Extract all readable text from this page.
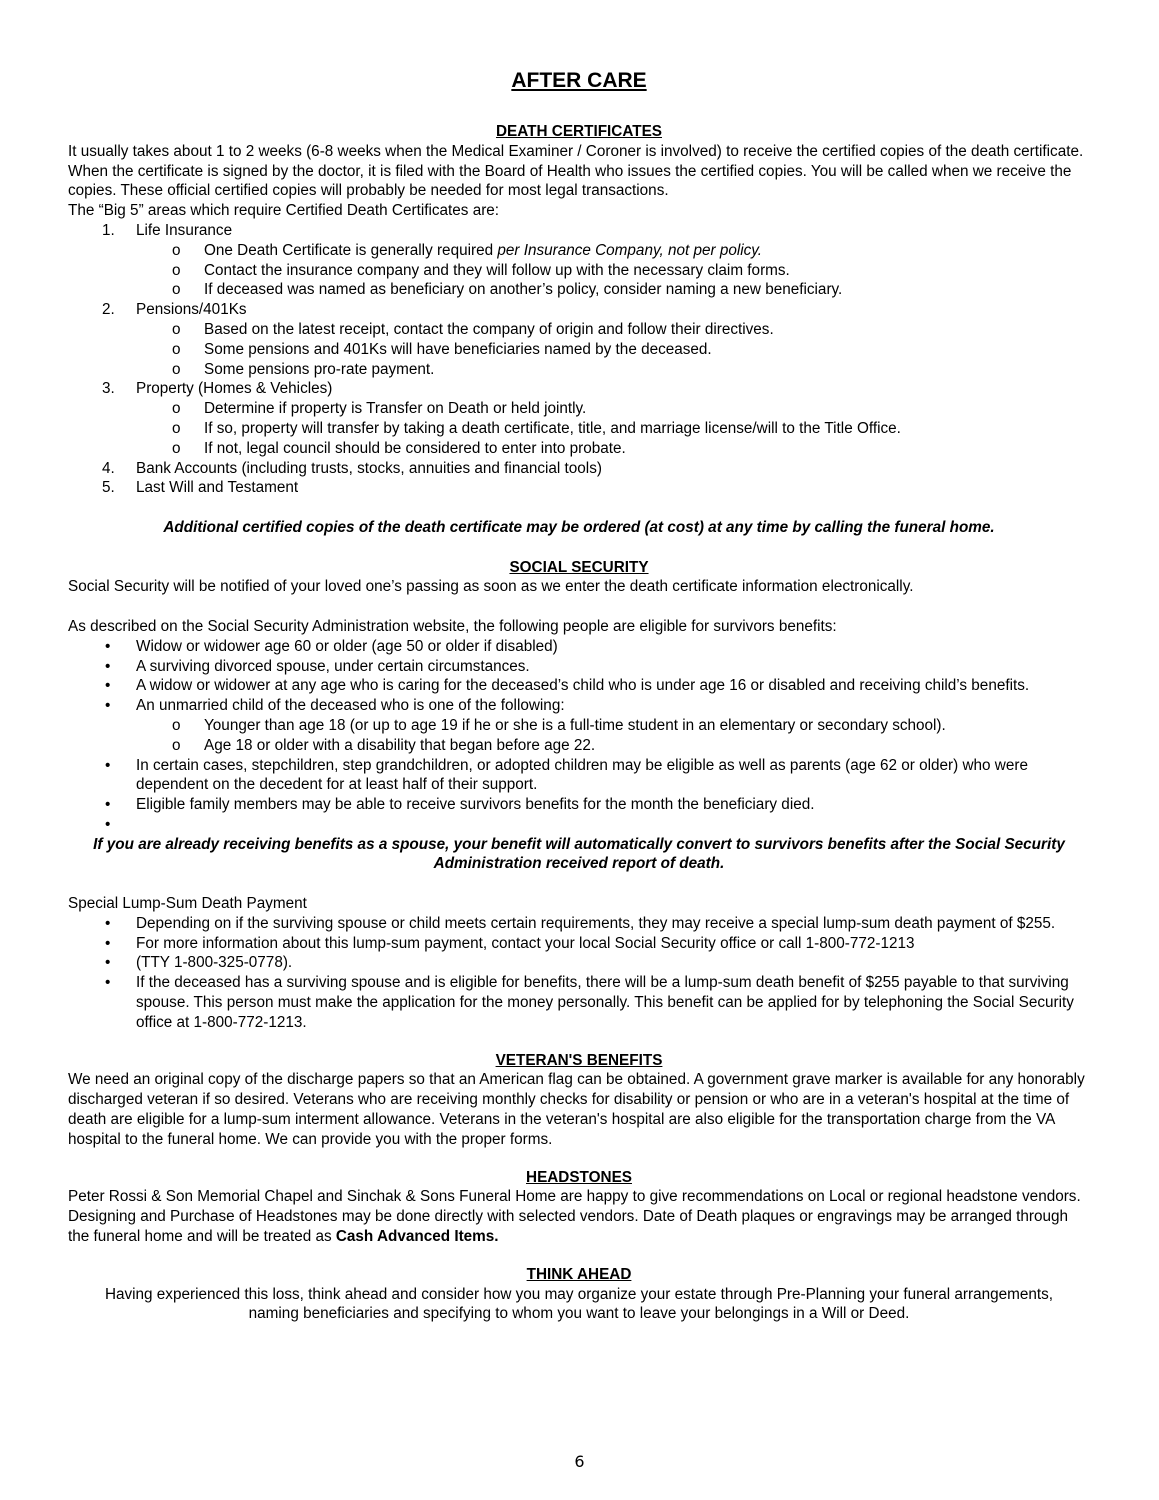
AFTER CARE

DEATH CERTIFICATES

It usually takes about 1 to 2 weeks (6-8 weeks when the Medical Examiner / Coroner is involved) to receive the certified copies of the death certificate. When the certificate is signed by the doctor, it is filed with the Board of Health who issues the certified copies. You will be called when we receive the copies. These official certified copies will probably be needed for most legal transactions.

The “Big 5” areas which require Certified Death Certificates are:

1. Life Insurance
o One Death Certificate is generally required per Insurance Company, not per policy.
o Contact the insurance company and they will follow up with the necessary claim forms.
o If deceased was named as beneficiary on another’s policy, consider naming a new beneficiary.
2. Pensions/401Ks
o Based on the latest receipt, contact the company of origin and follow their directives.
o Some pensions and 401Ks will have beneficiaries named by the deceased.
o Some pensions pro-rate payment.
3. Property (Homes & Vehicles)
o Determine if property is Transfer on Death or held jointly.
o If so, property will transfer by taking a death certificate, title, and marriage license/will to the Title Office.
o If not, legal council should be considered to enter into probate.
4. Bank Accounts (including trusts, stocks, annuities and financial tools)
5. Last Will and Testament

Additional certified copies of the death certificate may be ordered (at cost) at any time by calling the funeral home.

SOCIAL SECURITY

Social Security will be notified of your loved one’s passing as soon as we enter the death certificate information electronically.

As described on the Social Security Administration website, the following people are eligible for survivors benefits:

• Widow or widower age 60 or older (age 50 or older if disabled)
• A surviving divorced spouse, under certain circumstances.
• A widow or widower at any age who is caring for the deceased’s child who is under age 16 or disabled and receiving child’s benefits.
• An unmarried child of the deceased who is one of the following:
o Younger than age 18 (or up to age 19 if he or she is a full-time student in an elementary or secondary school).
o Age 18 or older with a disability that began before age 22.
• In certain cases, stepchildren, step grandchildren, or adopted children may be eligible as well as parents (age 62 or older) who were dependent on the decedent for at least half of their support.
• Eligible family members may be able to receive survivors benefits for the month the beneficiary died.
•

If you are already receiving benefits as a spouse, your benefit will automatically convert to survivors benefits after the Social Security Administration received report of death.

Special Lump-Sum Death Payment

• Depending on if the surviving spouse or child meets certain requirements, they may receive a special lump-sum death payment of $255.
• For more information about this lump-sum payment, contact your local Social Security office or call 1-800-772-1213
• (TTY 1-800-325-0778).
• If the deceased has a surviving spouse and is eligible for benefits, there will be a lump-sum death benefit of $255 payable to that surviving spouse. This person must make the application for the money personally. This benefit can be applied for by telephoning the Social Security office at 1-800-772-1213.

VETERAN'S BENEFITS

We need an original copy of the discharge papers so that an American flag can be obtained. A government grave marker is available for any honorably discharged veteran if so desired. Veterans who are receiving monthly checks for disability or pension or who are in a veteran's hospital at the time of death are eligible for a lump-sum interment allowance. Veterans in the veteran's hospital are also eligible for the transportation charge from the VA hospital to the funeral home. We can provide you with the proper forms.

HEADSTONES

Peter Rossi & Son Memorial Chapel and Sinchak & Sons Funeral Home are happy to give recommendations on Local or regional headstone vendors. Designing and Purchase of Headstones may be done directly with selected vendors. Date of Death plaques or engravings may be arranged through the funeral home and will be treated as Cash Advanced Items.

THINK AHEAD

Having experienced this loss, think ahead and consider how you may organize your estate through Pre-Planning your funeral arrangements, naming beneficiaries and specifying to whom you want to leave your belongings in a Will or Deed.

6
